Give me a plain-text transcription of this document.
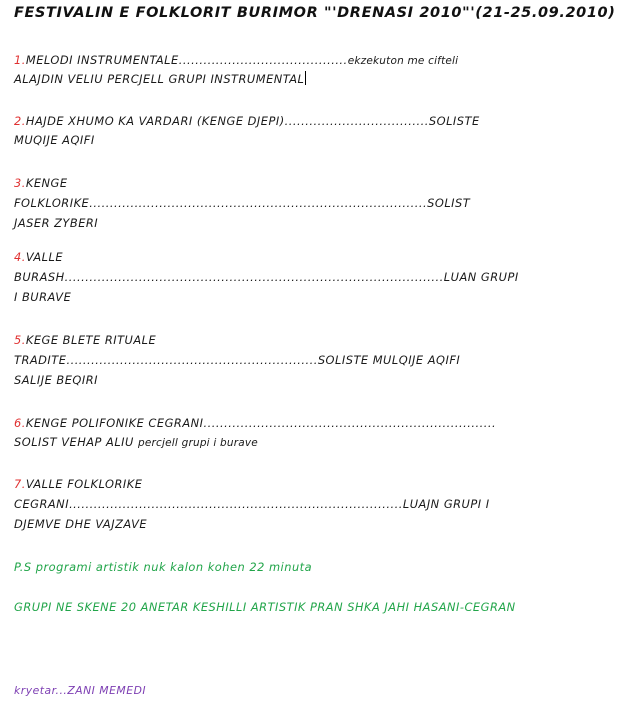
FESTIVALIN E FOLKLORIT BURIMOR "'DRENASI 2010"'(21-25.09.2010)
1.MELODI INSTRUMENTALE.........................................ekzekuton me cifteli
ALAJDIN VELIU PERCJELL GRUPI INSTRUMENTAL
2.HAJDE XHUMO KA VARDARI (KENGE DJEPI)...................................SOLISTE
MUQIJE AQIFI
3.KENGE
FOLKLORIKE..................................................................................SOLIST
JASER ZYBERI
4.VALLE
BURASH............................................................................................LUAN GRUPI
I BURAVE
5.KEGE BLETE RITUALE
TRADITE.............................................................SOLISTE MULQIJE AQIFI
SALIJE BEQIRI
6.KENGE POLIFONIKE CEGRANI.......................................................................
SOLIST VEHAP ALIU percjell grupi i burave
7.VALLE FOLKLORIKE
CEGRANI.................................................................................LUAJN GRUPI I
DJEMVE DHE VAJZAVE
P.S programi artistik nuk kalon kohen 22 minuta
GRUPI NE SKENE 20 ANETAR KESHILLI ARTISTIK PRAN SHKA JAHI HASANI-CEGRAN
kryetar...ZANI MEMEDI
